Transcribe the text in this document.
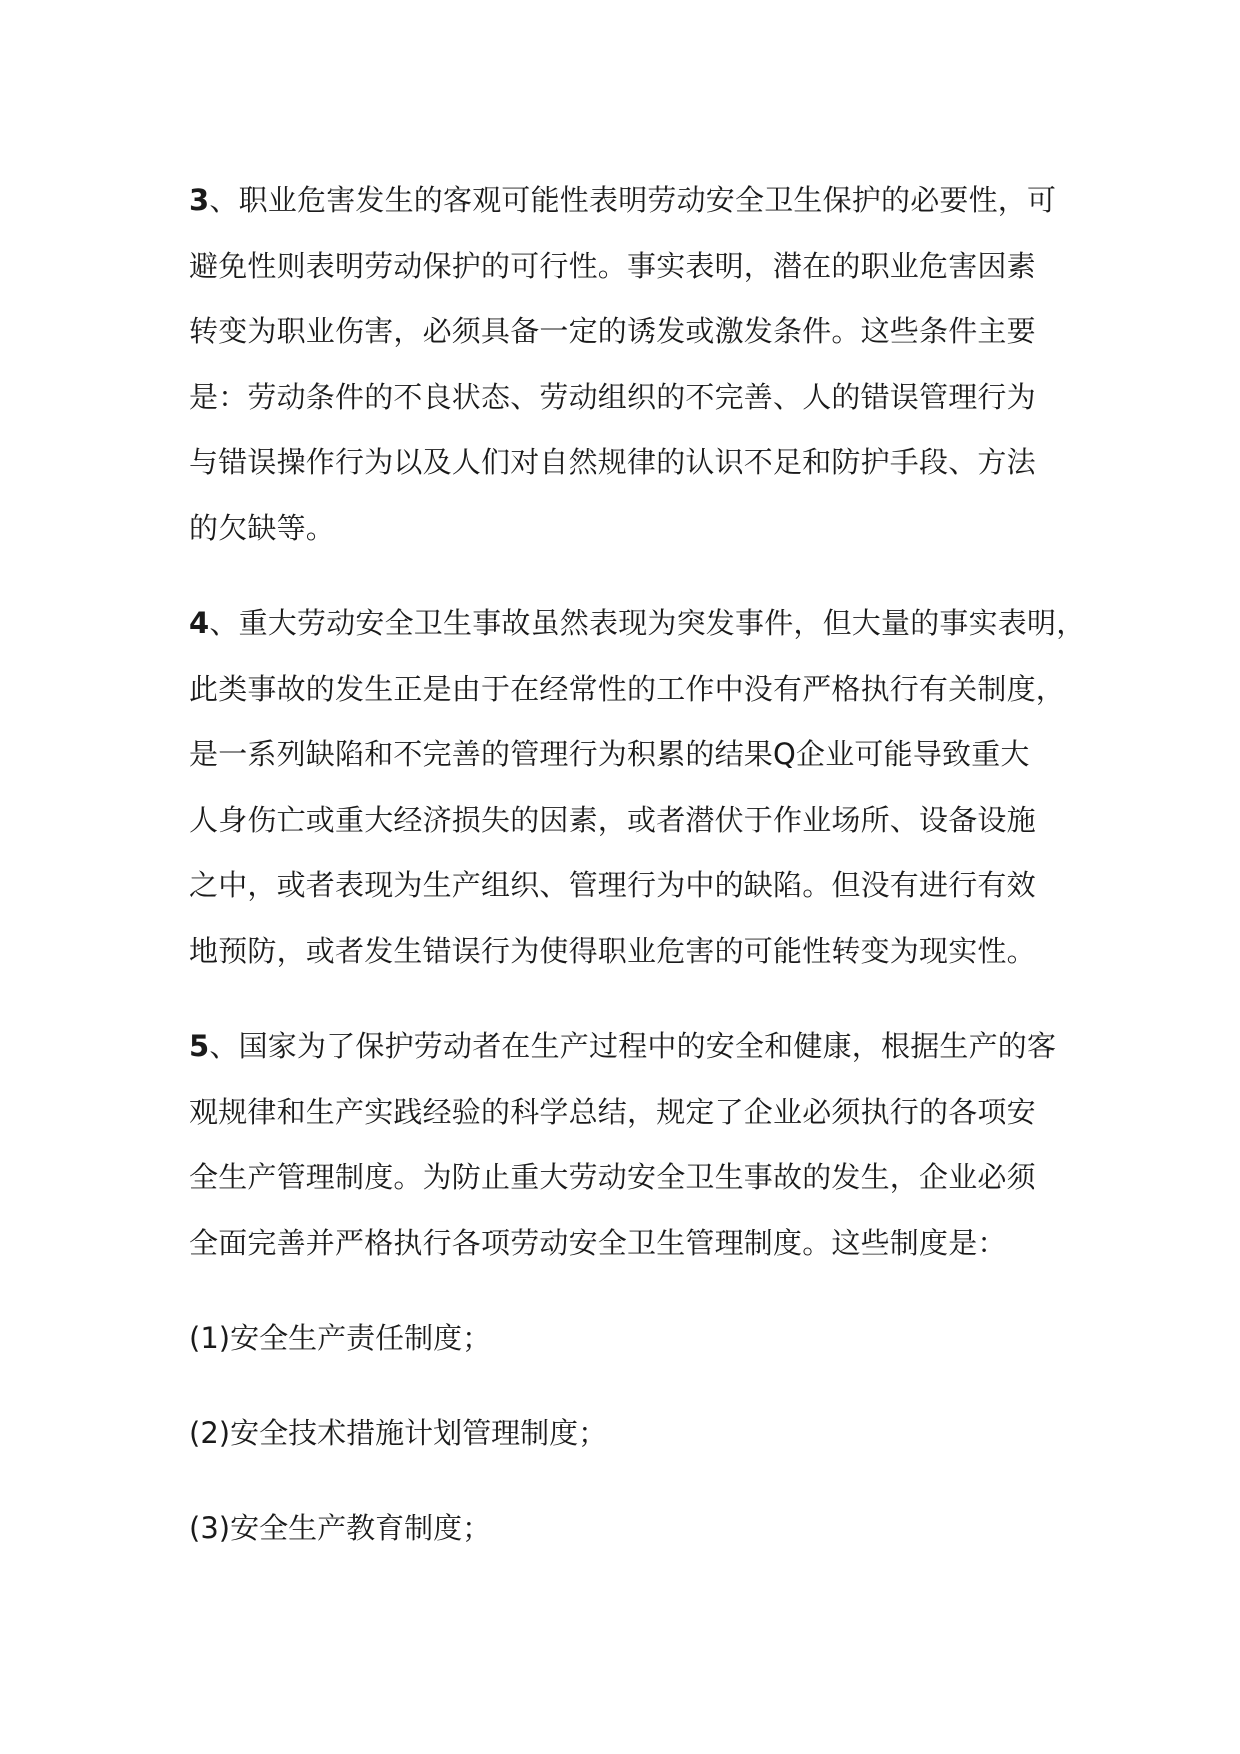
3、职业危害发生的客观可能性表明劳动安全卫生保护的必要性，可
避免性则表明劳动保护的可行性。事实表明，潜在的职业危害因素
转变为职业伤害，必须具备一定的诱发或激发条件。这些条件主要
是：劳动条件的不良状态、劳动组织的不完善、人的错误管理行为
与错误操作行为以及人们对自然规律的认识不足和防护手段、方法
的欠缺等。
4、重大劳动安全卫生事故虽然表现为突发事件，但大量的事实表明，
此类事故的发生正是由于在经常性的工作中没有严格执行有关制度，
是一系列缺陷和不完善的管理行为积累的结果Q企业可能导致重大
人身伤亡或重大经济损失的因素，或者潜伏于作业场所、设备设施
之中，或者表现为生产组织、管理行为中的缺陷。但没有进行有效
地预防，或者发生错误行为使得职业危害的可能性转变为现实性。
5、国家为了保护劳动者在生产过程中的安全和健康，根据生产的客
观规律和生产实践经验的科学总结，规定了企业必须执行的各项安
全生产管理制度。为防止重大劳动安全卫生事故的发生，企业必须
全面完善并严格执行各项劳动安全卫生管理制度。这些制度是：
(1)安全生产责任制度；
(2)安全技术措施计划管理制度；
(3)安全生产教育制度；
